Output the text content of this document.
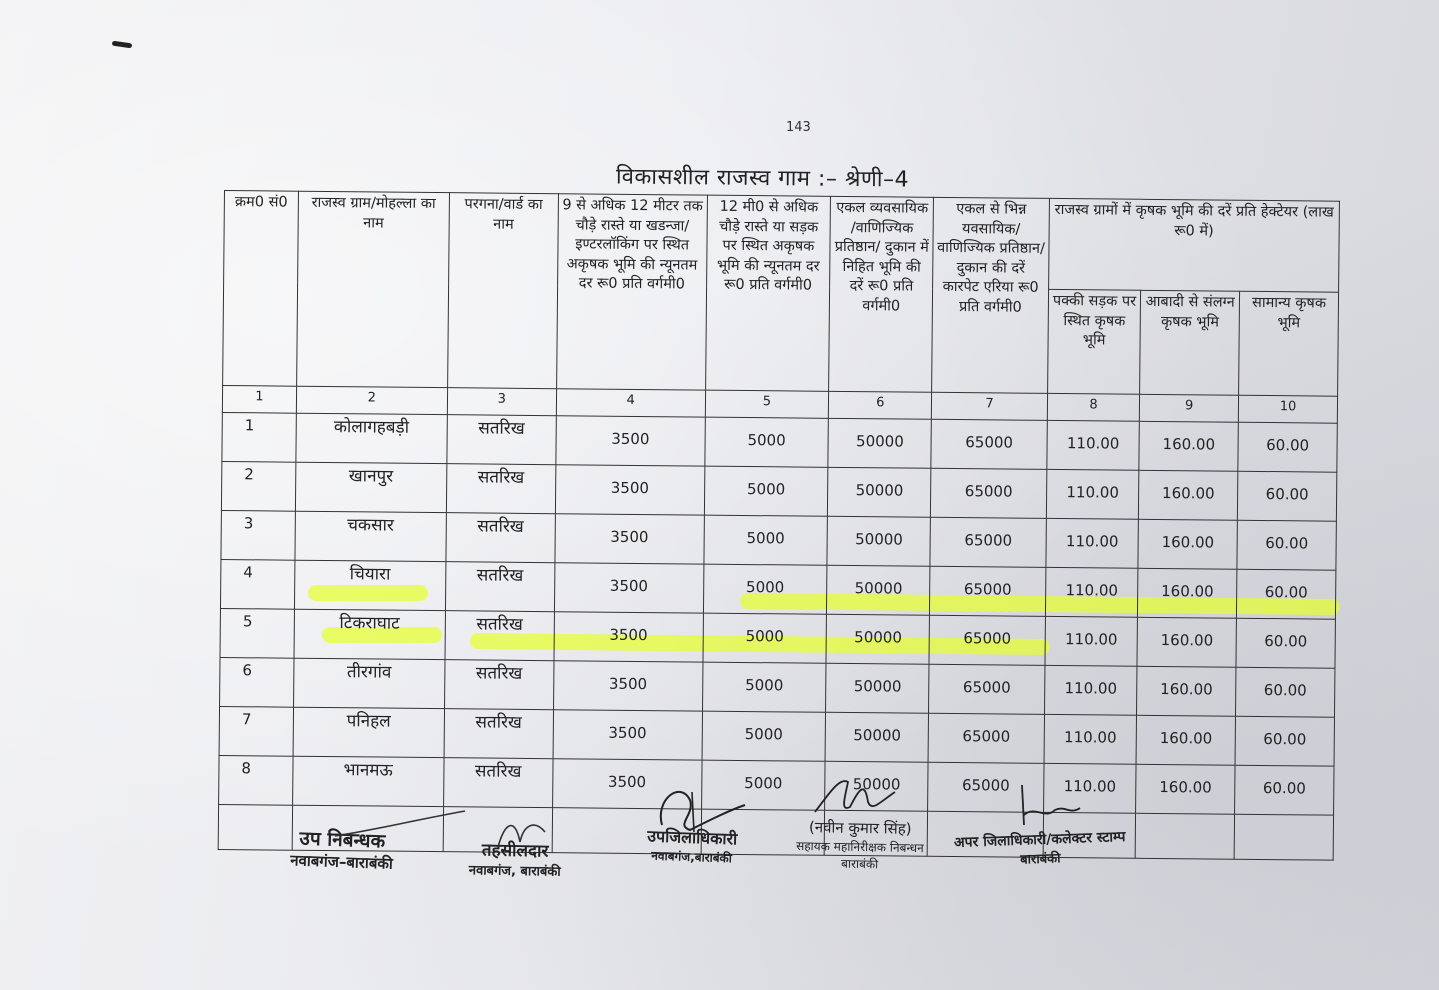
143
विकासशील राजस्व गाम :– श्रेणी–4
क्रम0 सं0	राजस्व ग्राम/मोहल्ला का नाम	परगना/वार्ड का नाम	9 से अधिक 12 मीटर तक चौड़े रास्ते या खडन्जा/ इण्टरलॉकिंग पर स्थित अकृषक भूमि की न्यूनतम दर रू0 प्रति वर्गमी0	12 मी0 से अधिक चौड़े रास्ते या सड़क पर स्थित अकृषक भूमि की न्यूनतम दर रू0 प्रति वर्गमी0	एकल व्यवसायिक /वाणिज्यिक प्रतिष्ठान/ दुकान में निहित भूमि की दरें रू0 प्रति वर्गमी0	एकल से भिन्न यवसायिक/ वाणिज्यिक प्रतिष्ठान/ दुकान की दरें कारपेट एरिया रू0 प्रति वर्गमी0	राजस्व ग्रामों में कृषक भूमि की दरें प्रति हेक्टेयर (लाख रू0 में)		
							पक्की सड़क पर स्थित कृषक भूमि	आबादी से संलग्न कृषक भूमि	सामान्य कृषक भूमि
1	2	3	4	5	6	7	8	9	10
1	कोलागहबड़ी	सतरिख	3500	5000	50000	65000	110.00	160.00	60.00
2	खानपुर	सतरिख	3500	5000	50000	65000	110.00	160.00	60.00
3	चकसार	सतरिख	3500	5000	50000	65000	110.00	160.00	60.00
4	चियारा	सतरिख	3500	5000	50000	65000	110.00	160.00	60.00
5	टिकराघाट	सतरिख	3500	5000	50000	65000	110.00	160.00	60.00
6	तीरगांव	सतरिख	3500	5000	50000	65000	110.00	160.00	60.00
7	पनिहल	सतरिख	3500	5000	50000	65000	110.00	160.00	60.00
8	भानमऊ	सतरिख	3500	5000	50000	65000	110.00	160.00	60.00

उप निबन्धक
नवाबगंज–बाराबंकी
तहसीलदार
नवाबगंज, बाराबंकी
उपजिलाधिकारी
नवाबगंज,बाराबंकी
(नवीन कुमार सिंह)
सहायक महानिरीक्षक निबन्धन
बाराबंकी
अपर जिलाधिकारी/कलेक्टर स्टाम्प
बाराबंकी
